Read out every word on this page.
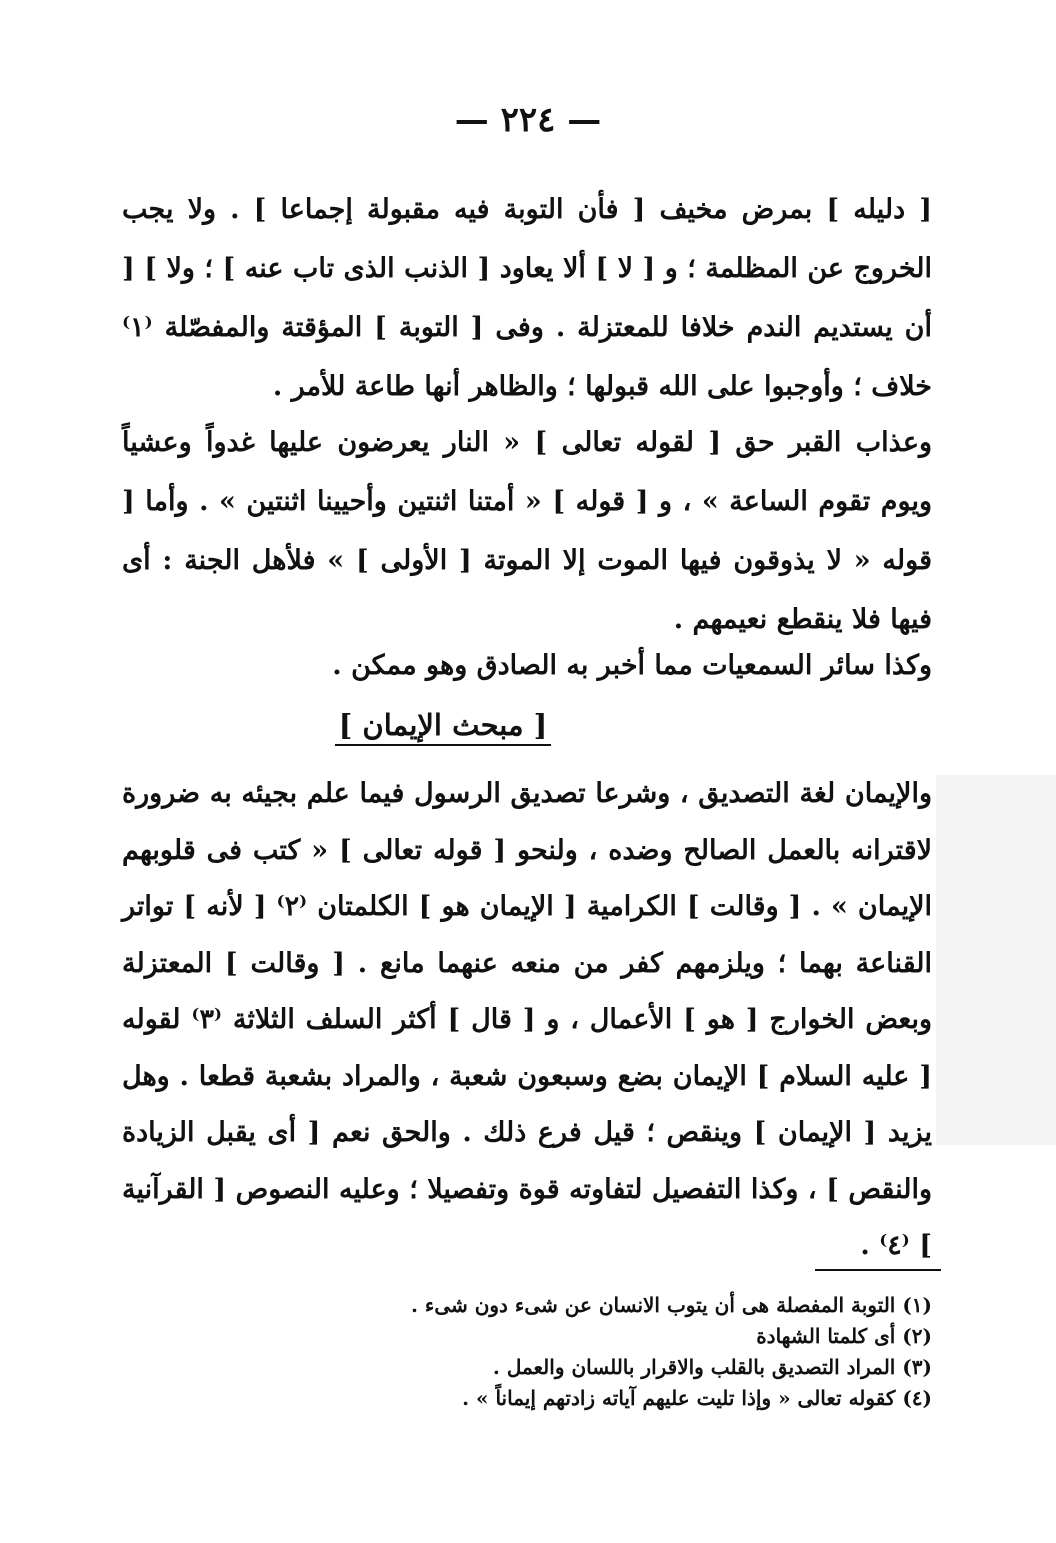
— ٢٢٤ —

[ دليله ] بمرض مخيف [ فأن التوبة فيه مقبولة إجماعا ] . ولا يجب الخروج عن المظلمة ؛ و [ لا ] ألا يعاود [ الذنب الذى تاب عنه ] ؛ ولا ] [ أن يستديم الندم خلافا للمعتزلة . وفى [ التوبة ] المؤقتة والمفصّلة ⁽١⁾ خلاف ؛ وأوجبوا على الله قبولها ؛ والظاهر أنها طاعة للأمر .

وعذاب القبر حق [ لقوله تعالى ] « النار يعرضون عليها غدواً وعشياً ويوم تقوم الساعة » ، و [ قوله ] « أمتنا اثنتين وأحيينا اثنتين » . وأما [ قوله « لا يذوقون فيها الموت إلا الموتة [ الأولى ] » فلأهل الجنة : أى فيها فلا ينقطع نعيمهم .

وكذا سائر السمعيات مما أخبر به الصادق وهو ممكن .

[ مبحث الإيمان ]

والإيمان لغة التصديق ، وشرعا تصديق الرسول فيما علم بجيئه به ضرورة لاقترانه بالعمل الصالح وضده ، ولنحو [ قوله تعالى ] « كتب فى قلوبهم الإيمان » . [ وقالت ] الكرامية [ الإيمان هو ] الكلمتان ⁽٢⁾ [ لأنه ] تواتر القناعة بهما ؛ ويلزمهم كفر من منعه عنهما مانع . [ وقالت ] المعتزلة وبعض الخوارج [ هو ] الأعمال ، و [ قال ] أكثر السلف الثلاثة ⁽٣⁾ لقوله [ عليه السلام ] الإيمان بضع وسبعون شعبة ، والمراد بشعبة قطعا . وهل يزيد [ الإيمان ] وينقص ؛ قيل فرع ذلك . والحق نعم [ أى يقبل الزيادة والنقص ] ، وكذا التفصيل لتفاوته قوة وتفصيلا ؛ وعليه النصوص [ القرآنية ] ⁽٤⁾ .

(١) التوبة المفصلة هى أن يتوب الانسان عن شىء دون شىء .
(٢) أى كلمتا الشهادة
(٣) المراد التصديق بالقلب والاقرار باللسان والعمل .
(٤) كقوله تعالى « وإذا تليت عليهم آياته زادتهم إيماناً » .
